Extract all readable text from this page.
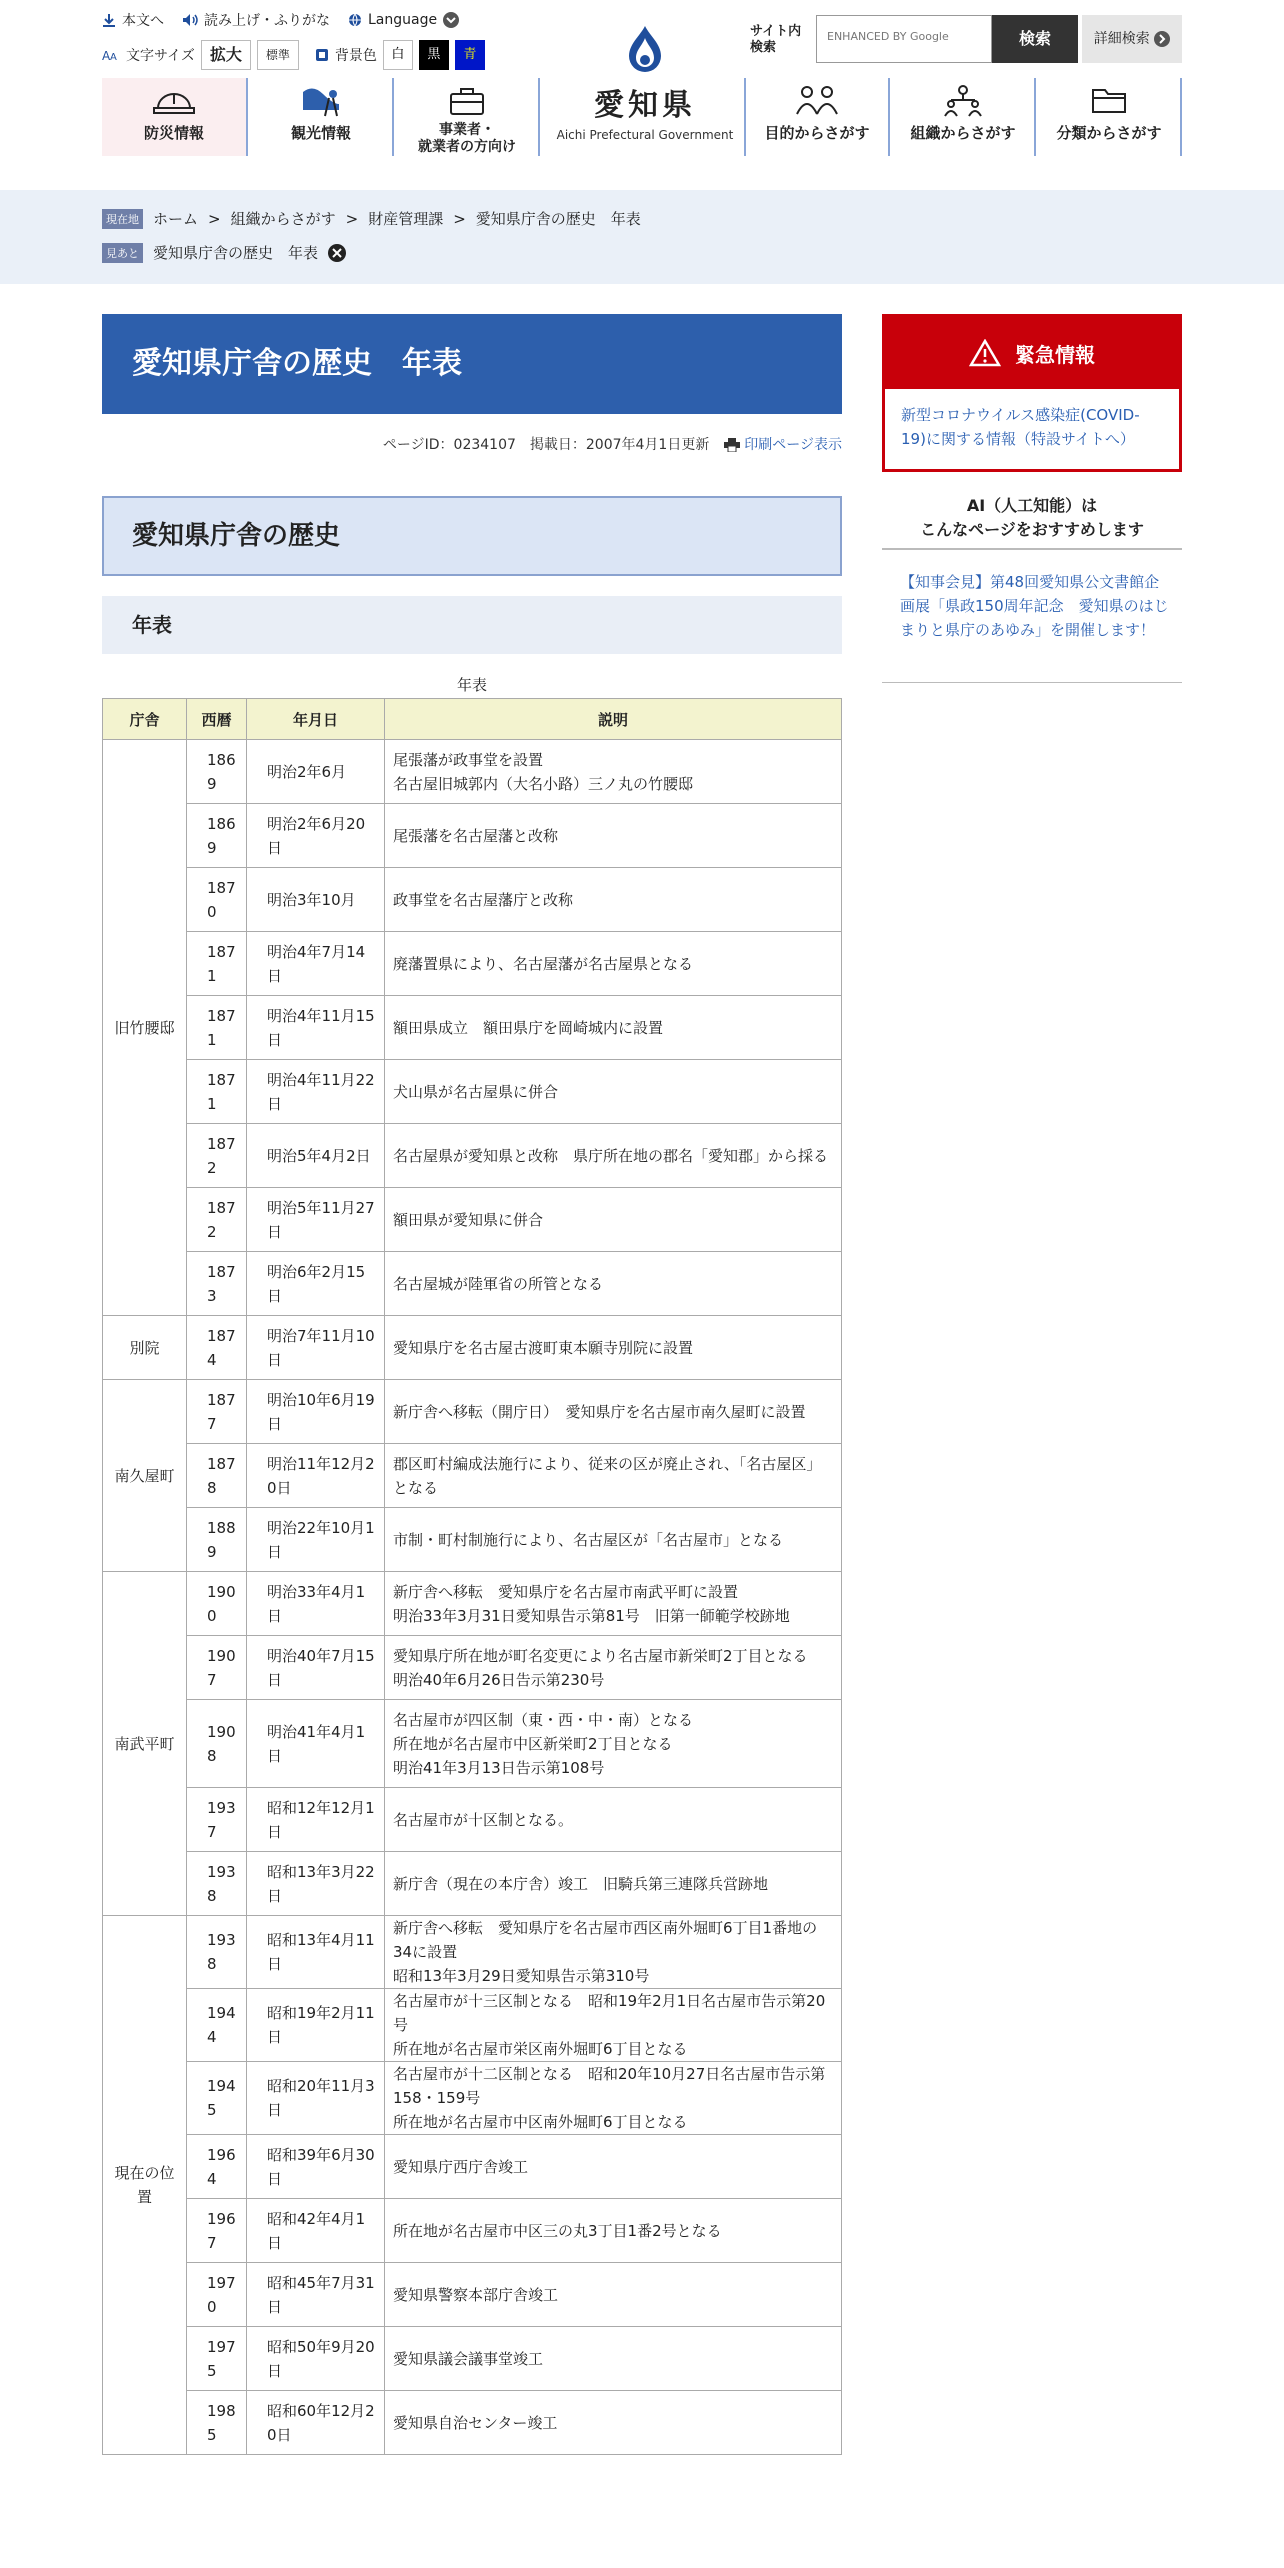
本文へ	読み上げ・ふりがな	Language
A A 文字サイズ 拡大	標準	背景色	白	黒	青
愛知県
Aichi Prefectural Government
サイト内
検索
ENHANCED BY Google	検索	詳細検索
防災情報	観光情報	事業者・
就業者の方向け
目的からさがす	組織からさがす	分類からさがす
現在地 ホーム > 組織からさがす > 財産管理課 > 愛知県庁舎の歴史　年表
見あと 愛知県庁舎の歴史　年表
愛知県庁舎の歴史　年表
ページID：0234107　掲載日：2007年4月1日更新 印刷ページ表示
愛知県庁舎の歴史
年表
年表
庁舎	西暦	年月日	説明
旧竹腰邸	1869	明治2年6月	尾張藩が政事堂を設置
名古屋旧城郭内（大名小路）三ノ丸の竹腰邸
	1869	明治2年6月20日	尾張藩を名古屋藩と改称
	1870	明治3年10月	政事堂を名古屋藩庁と改称
	1871	明治4年7月14日	廃藩置県により、名古屋藩が名古屋県となる
	1871	明治4年11月15日	額田県成立　額田県庁を岡崎城内に設置
	1871	明治4年11月22日	犬山県が名古屋県に併合
	1872	明治5年4月2日	名古屋県が愛知県と改称　県庁所在地の郡名「愛知郡」から採る
	1872	明治5年11月27日	額田県が愛知県に併合
	1873	明治6年2月15日	名古屋城が陸軍省の所管となる
別院	1874	明治7年11月10日	愛知県庁を名古屋古渡町東本願寺別院に設置
南久屋町	1877	明治10年6月19日	新庁舎へ移転（開庁日）　愛知県庁を名古屋市南久屋町に設置
	1878	明治11年12月20日	郡区町村編成法施行により、従来の区が廃止され、「名古屋区」となる
	1889	明治22年10月1日	市制・町村制施行により、名古屋区が「名古屋市」となる
南武平町	1900	明治33年4月1日	新庁舎へ移転　愛知県庁を名古屋市南武平町に設置
明治33年3月31日愛知県告示第81号　旧第一師範学校跡地
	1907	明治40年7月15日	愛知県庁所在地が町名変更により名古屋市新栄町2丁目となる
明治40年6月26日告示第230号
	1908	明治41年4月1日	名古屋市が四区制（東・西・中・南）となる
所在地が名古屋市中区新栄町2丁目となる
明治41年3月13日告示第108号
	1937	昭和12年12月1日	名古屋市が十区制となる。
	1938	昭和13年3月22日	新庁舎（現在の本庁舎）竣工　旧騎兵第三連隊兵営跡地
現在の位置	1938	昭和13年4月11日	新庁舎へ移転　愛知県庁を名古屋市西区南外堀町6丁目1番地の34に設置
昭和13年3月29日愛知県告示第310号
	1944	昭和19年2月11日	名古屋市が十三区制となる　昭和19年2月1日名古屋市告示第20号
所在地が名古屋市栄区南外堀町6丁目となる
	1945	昭和20年11月3日	名古屋市が十二区制となる　昭和20年10月27日名古屋市告示第158・159号
所在地が名古屋市中区南外堀町6丁目となる
	1964	昭和39年6月30日	愛知県庁西庁舎竣工
	1967	昭和42年4月1日	所在地が名古屋市中区三の丸3丁目1番2号となる
	1970	昭和45年7月31日	愛知県警察本部庁舎竣工
	1975	昭和50年9月20日	愛知県議会議事堂竣工
	1985	昭和60年12月20日	愛知県自治センター竣工
緊急情報
新型コロナウイルス感染症(COVID-19)に関する情報（特設サイトへ）
AI（人工知能）は
こんなページをおすすめします
【知事会見】第48回愛知県公文書館企画展「県政150周年記念　愛知県のはじまりと県庁のあゆみ」を開催します！
